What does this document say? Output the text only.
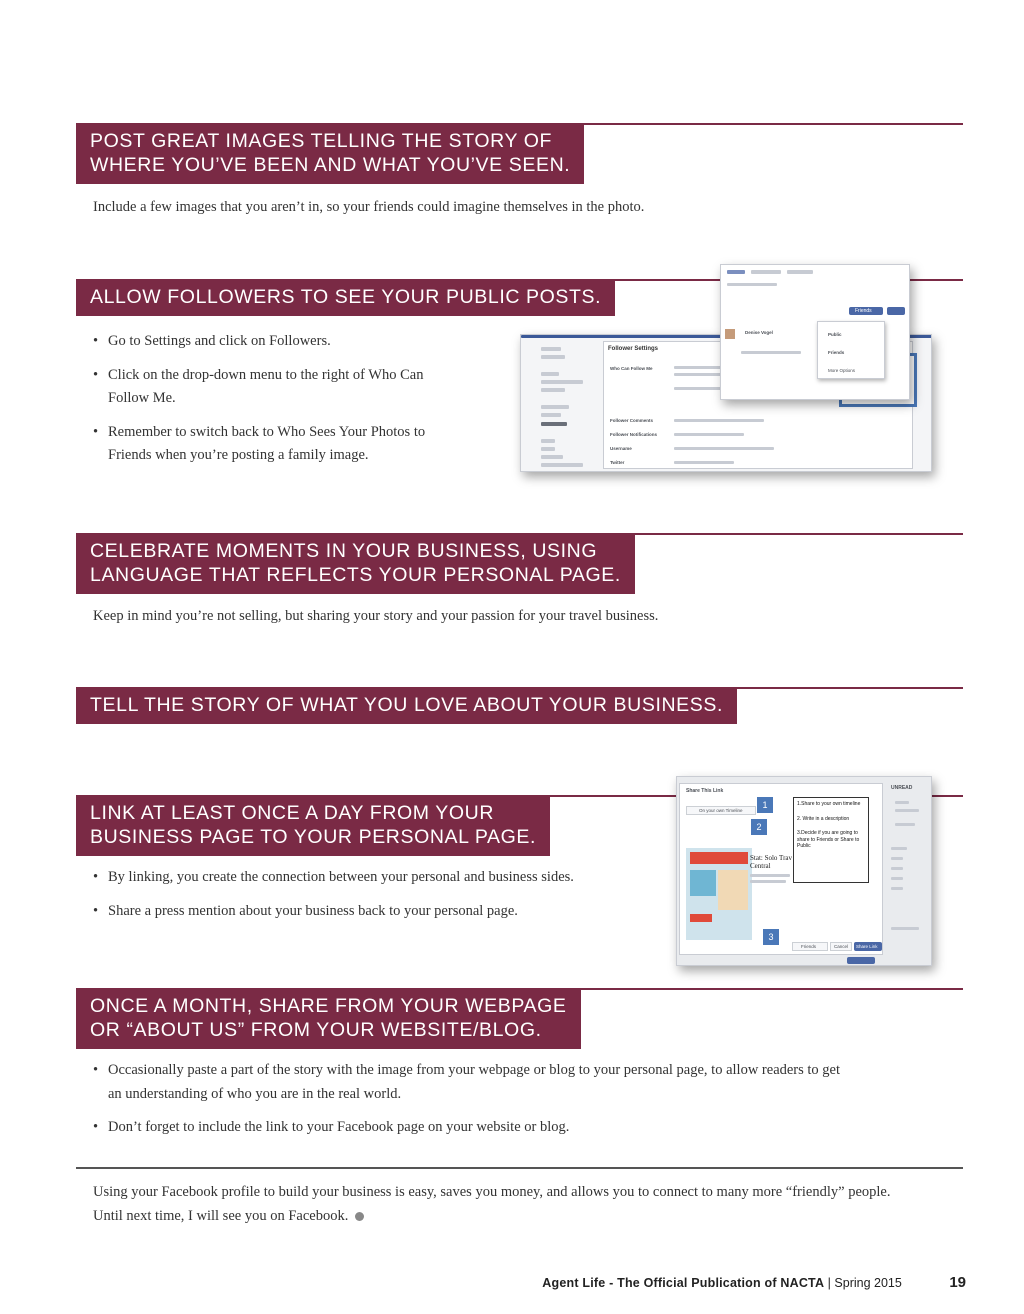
POST GREAT IMAGES TELLING THE STORY OF
WHERE YOU’VE BEEN AND WHAT YOU’VE SEEN.

Include a few images that you aren’t in, so your friends could imagine themselves in the photo.

ALLOW FOLLOWERS TO SEE YOUR PUBLIC POSTS.
• Go to Settings and click on Followers.
• Click on the drop-down menu to the right of Who Can
Follow Me.
• Remember to switch back to Who Sees Your Photos to
Friends when you’re posting a family image.
Follower Settings
Who Can Follow Me
Follower Comments
Follower Notifications
Username
Twitter
Friends
Denise Vogel	Public
Friends
More Options
CELEBRATE MOMENTS IN YOUR BUSINESS, USING
LANGUAGE THAT REFLECTS YOUR PERSONAL PAGE.

Keep in mind you’re not selling, but sharing your story and your passion for your travel business.

TELL THE STORY OF WHAT YOU LOVE ABOUT YOUR BUSINESS.
LINK AT LEAST ONCE A DAY FROM YOUR
BUSINESS PAGE TO YOUR PERSONAL PAGE.
• By linking, you create the connection between your personal and business sides.
• Share a press mention about your business back to your personal page.
Share This Link
On your own Timeline
Stat: Solo Trav
Central
Friends	Cancel Share Link
1
2
3
1.Share to your own timeline
2. Write in a description
3.Decide if you are going to share to Friends or Share to Public
UNREAD
ONCE A MONTH, SHARE FROM YOUR WEBPAGE
OR “ABOUT US” FROM YOUR WEBSITE/BLOG.
• Occasionally paste a part of the story with the image from your webpage or blog to your personal page, to allow readers to get
an understanding of who you are in the real world.
• Don’t forget to include the link to your Facebook page on your website or blog.
Using your Facebook profile to build your business is easy, saves you money, and allows you to connect to many more “friendly” people.
Until next time, I will see you on Facebook.
Agent Life - The Official Publication of NACTA | Spring 2015	19
